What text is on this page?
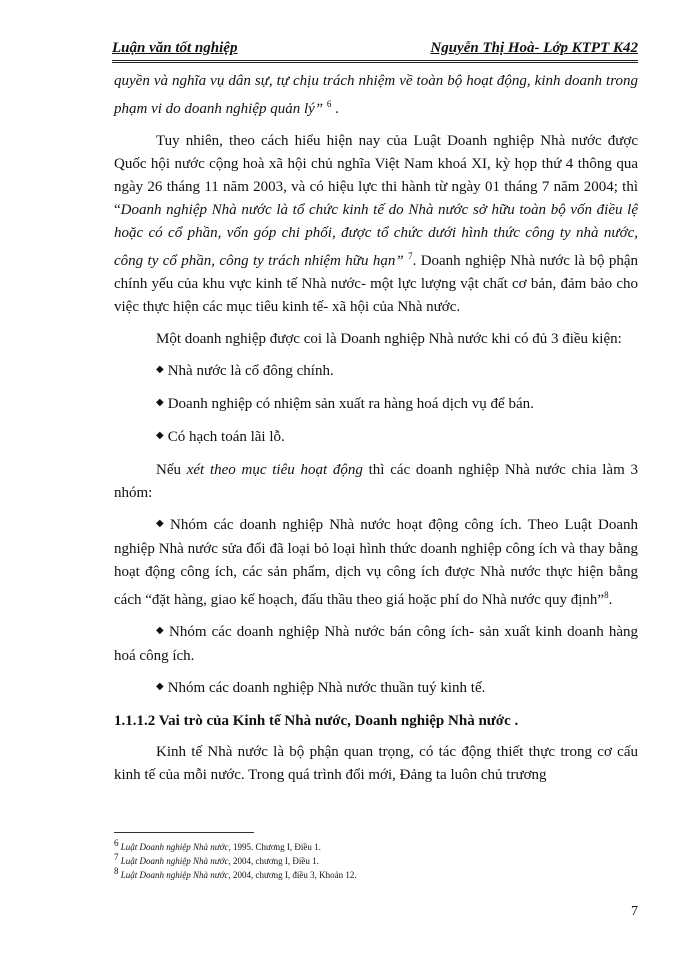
Luận văn tốt nghiệp	Nguyễn Thị Hoà- Lớp KTPT K42

quyền và nghĩa vụ dân sự, tự chịu trách nhiệm về toàn bộ hoạt động, kinh doanh trong phạm vi do doanh nghiệp quản lý” $^6$ .

Tuy nhiên, theo cách hiểu hiện nay của Luật Doanh nghiệp Nhà nước được Quốc hội nước cộng hoà xã hội chủ nghĩa Việt Nam khoá XI, kỳ họp thứ 4 thông qua ngày 26 tháng 11 năm 2003, và có hiệu lực thi hành từ ngày 01 tháng 7 năm 2004; thì “Doanh nghiệp Nhà nước là tổ chức kinh tế do Nhà nước sở hữu toàn bộ vốn điều lệ hoặc có cổ phần, vốn góp chi phối, được tổ chức dưới hình thức công ty nhà nước, công ty cổ phần, công ty trách nhiệm hữu hạn” $^7$. Doanh nghiệp Nhà nước là bộ phận chính yếu của khu vực kinh tế Nhà nước- một lực lượng vật chất cơ bản, đảm bảo cho việc thực hiện các mục tiêu kinh tế- xã hội của Nhà nước.

Một doanh nghiệp được coi là Doanh nghiệp Nhà nước khi có đủ 3 điều kiện:

◆ Nhà nước là cổ đông chính.

◆ Doanh nghiệp có nhiệm sản xuất ra hàng hoá dịch vụ để bán.

◆ Có hạch toán lãi lỗ.

Nếu xét theo mục tiêu hoạt động thì các doanh nghiệp Nhà nước chia làm 3 nhóm:

◆ Nhóm các doanh nghiệp Nhà nước hoạt động công ích. Theo Luật Doanh nghiệp Nhà nước sửa đổi đã loại bỏ loại hình thức doanh nghiệp công ích và thay bằng hoạt động công ích, các sản phẩm, dịch vụ công ích được Nhà nước thực hiện bằng cách “đặt hàng, giao kế hoạch, đấu thầu theo giá hoặc phí do Nhà nước quy định”$^8$.

◆ Nhóm các doanh nghiệp Nhà nước bán công ích- sản xuất kinh doanh hàng hoá công ích.

◆ Nhóm các doanh nghiệp Nhà nước thuần tuý kinh tế.

1.1.1.2 Vai trò của Kinh tế Nhà nước, Doanh nghiệp Nhà nước .

Kinh tế Nhà nước là bộ phận quan trọng, có tác động thiết thực trong cơ cấu kinh tế của mỗi nước. Trong quá trình đổi mới, Đảng ta luôn chủ trương

$^6$ Luật Doanh nghiệp Nhà nước, 1995. Chương I, Điều 1.
$^7$ Luật Doanh nghiệp Nhà nước, 2004, chương I, Điều 1.
$^8$ Luật Doanh nghiệp Nhà nước, 2004, chương I, điều 3, Khoản 12.
7
